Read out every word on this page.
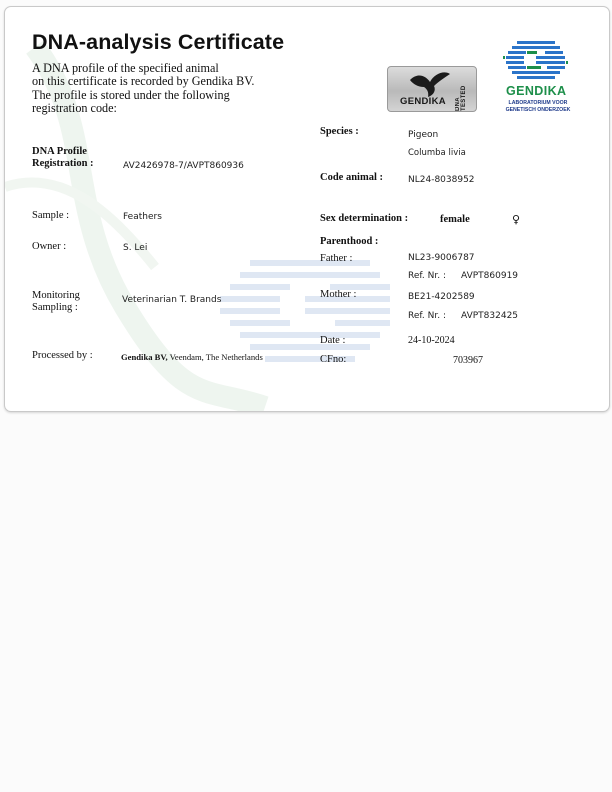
DNA-analysis Certificate
A DNA profile of the specified animal
on this certificate is recorded by Gendika BV.
The profile is stored under the following
registration code:	GENDIKA DNA TESTED	GENDIKA
LABORATORIUM VOOR
GENETISCH ONDERZOEK
DNA Profile
Registration :	AV2426978-7/AVPT860936
Sample :	Feathers
Owner :	S. Lei
Monitoring
Sampling :
Veterinarian T. Brands
Processed by :	Gendika BV, Veendam, The Netherlands
Species :	Pigeon
Columba livia
Code animal :	NL24-8038952
Sex determination :	female	♀
Parenthood :
Father :	NL23-9006787
Ref. Nr. : AVPT860919
Mother :	BE21-4202589
Ref. Nr. : AVPT832425
Date :	24-10-2024
CFno:	703967
